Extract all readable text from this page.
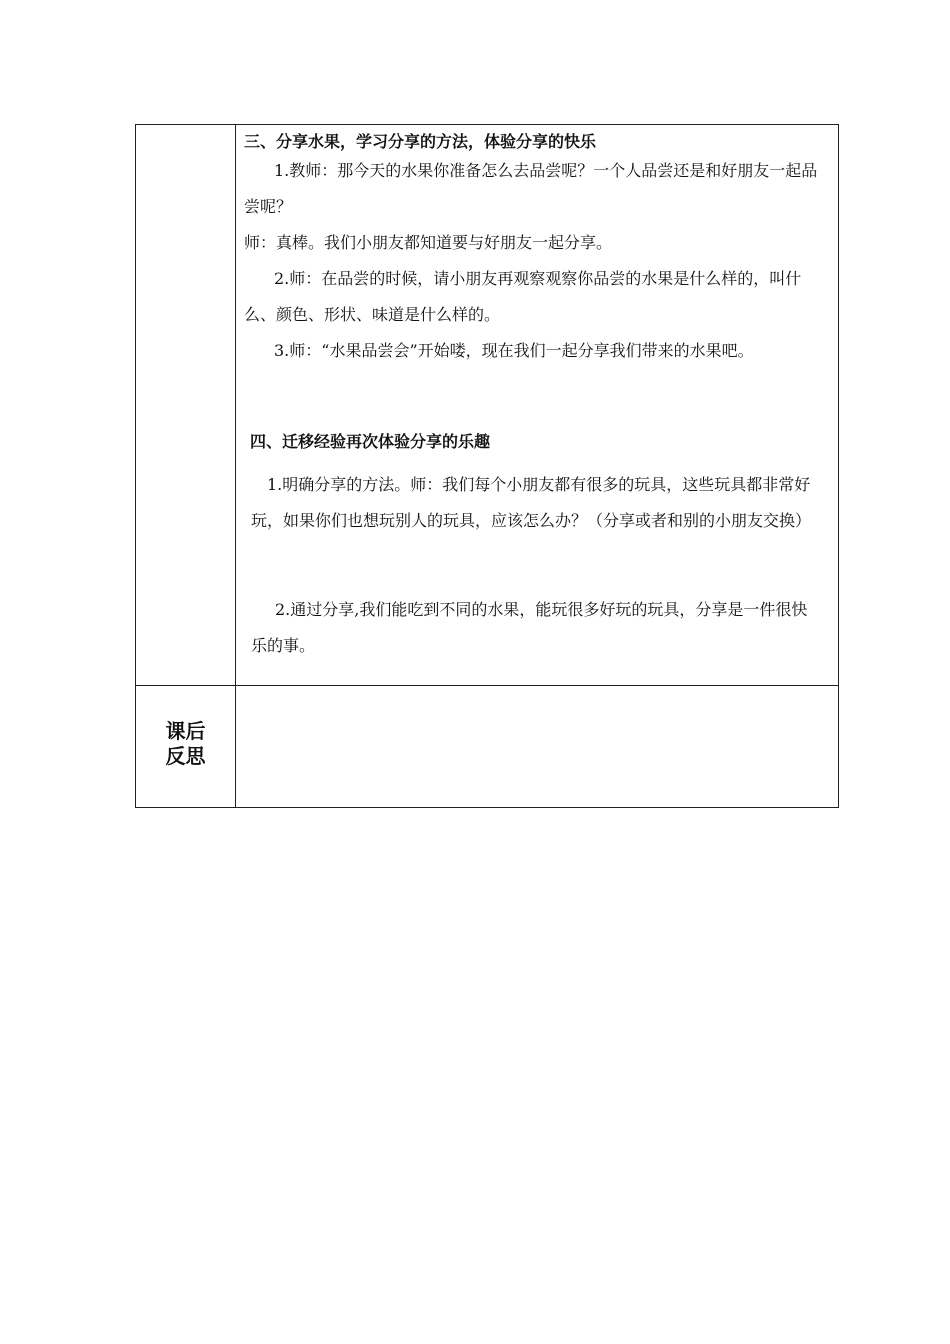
三、分享水果，学习分享的方法，体验分享的快乐
1.教师：那今天的水果你准备怎么去品尝呢？一个人品尝还是和好朋友一起品尝呢？
师：真棒。我们小朋友都知道要与好朋友一起分享。
2.师：在品尝的时候，请小朋友再观察观察你品尝的水果是什么样的，叫什么、颜色、形状、味道是什么样的。
3.师：“水果品尝会”开始喽，现在我们一起分享我们带来的水果吧。
四、迁移经验再次体验分享的乐趣
1.明确分享的方法。师：我们每个小朋友都有很多的玩具，这些玩具都非常好玩，如果你们也想玩别人的玩具，应该怎么办？（分享或者和别的小朋友交换）
2.通过分享,我们能吃到不同的水果，能玩很多好玩的玩具，分享是一件很快乐的事。
课后
反思
